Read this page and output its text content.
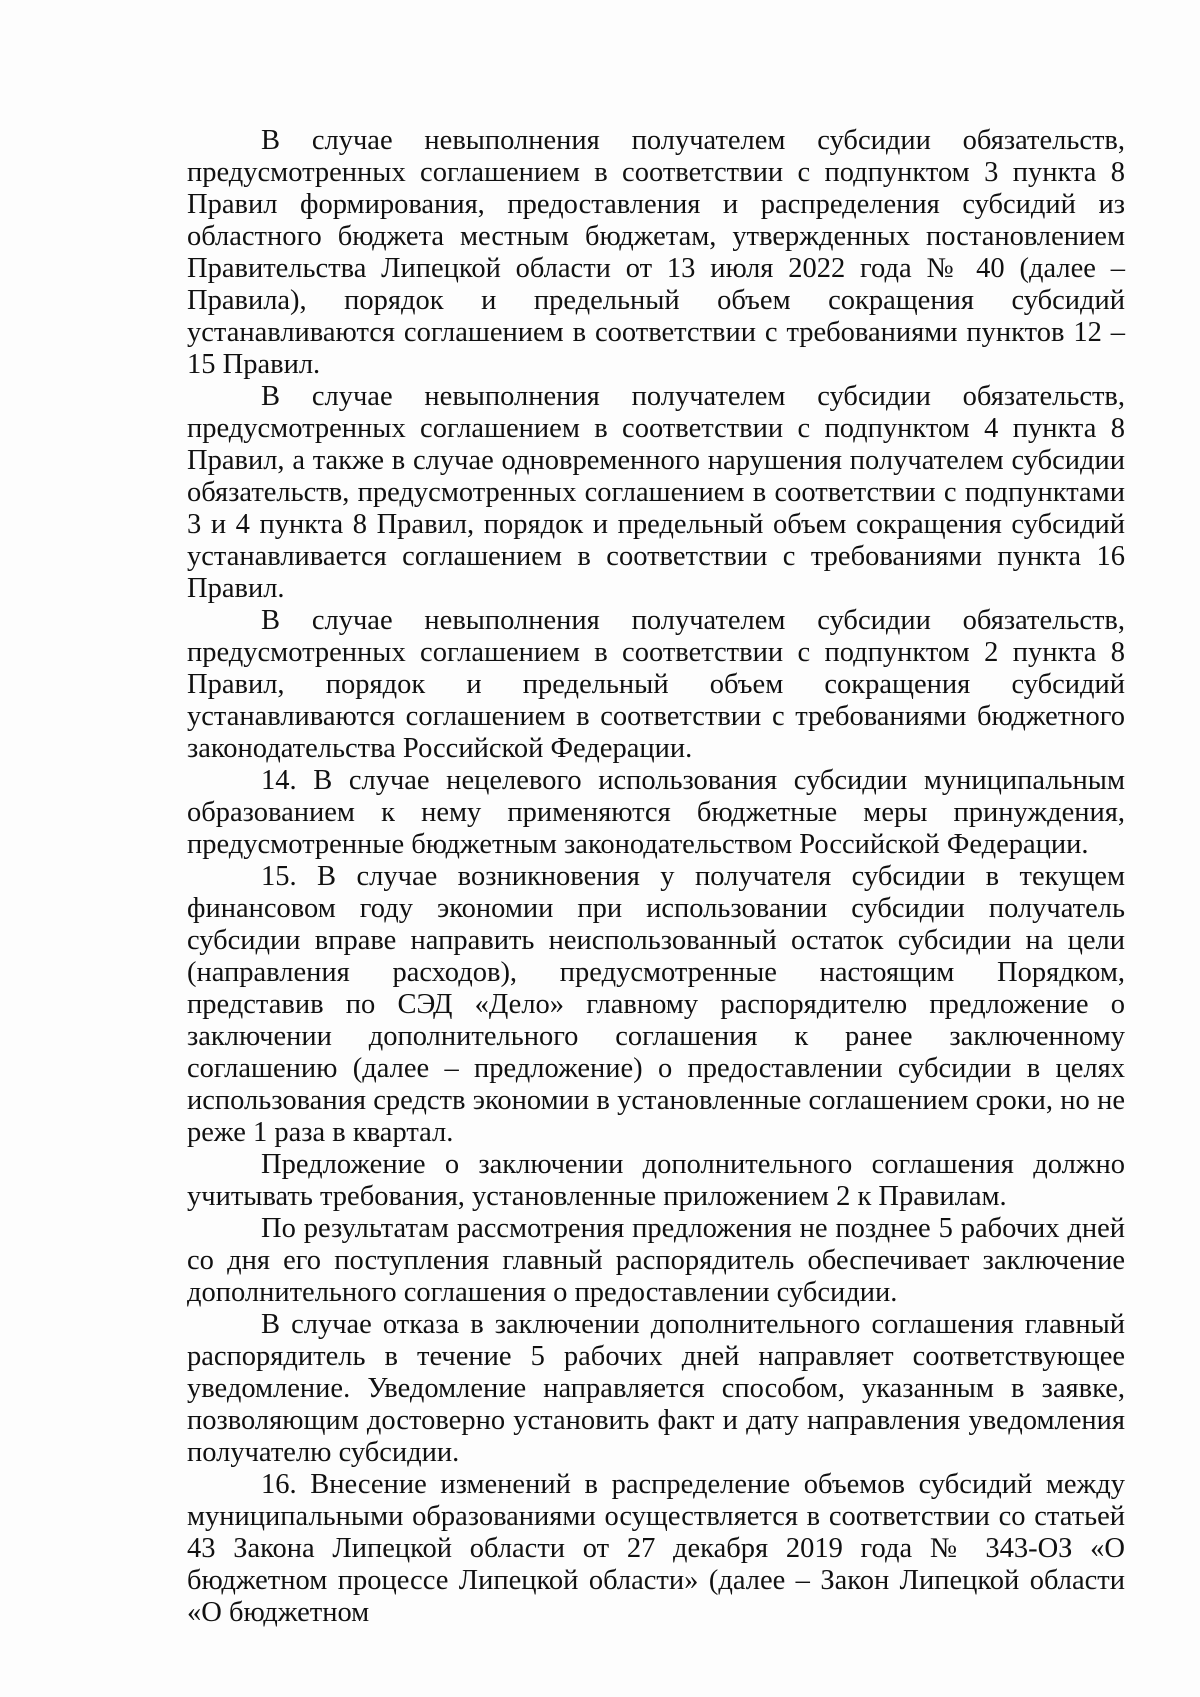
В случае невыполнения получателем субсидии обязательств, предусмотренных соглашением в соответствии с подпунктом 3 пункта 8 Правил формирования, предоставления и распределения субсидий из областного бюджета местным бюджетам, утвержденных постановлением Правительства Липецкой области от 13 июля 2022 года № 40 (далее – Правила), порядок и предельный объем сокращения субсидий устанавливаются соглашением в соответствии с требованиями пунктов 12 – 15 Правил.

В случае невыполнения получателем субсидии обязательств, предусмотренных соглашением в соответствии с подпунктом 4 пункта 8 Правил, а также в случае одновременного нарушения получателем субсидии обязательств, предусмотренных соглашением в соответствии с подпунктами 3 и 4 пункта 8 Правил, порядок и предельный объем сокращения субсидий устанавливается соглашением в соответствии с требованиями пункта 16 Правил.

В случае невыполнения получателем субсидии обязательств, предусмотренных соглашением в соответствии с подпунктом 2 пункта 8 Правил, порядок и предельный объем сокращения субсидий устанавливаются соглашением в соответствии с требованиями бюджетного законодательства Российской Федерации.

14. В случае нецелевого использования субсидии муниципальным образованием к нему применяются бюджетные меры принуждения, предусмотренные бюджетным законодательством Российской Федерации.

15. В случае возникновения у получателя субсидии в текущем финансовом году экономии при использовании субсидии получатель субсидии вправе направить неиспользованный остаток субсидии на цели (направления расходов), предусмотренные настоящим Порядком, представив по СЭД «Дело» главному распорядителю предложение о заключении дополнительного соглашения к ранее заключенному соглашению (далее – предложение) о предоставлении субсидии в целях использования средств экономии в установленные соглашением сроки, но не реже 1 раза в квартал.

Предложение о заключении дополнительного соглашения должно учитывать требования, установленные приложением 2 к Правилам.

По результатам рассмотрения предложения не позднее 5 рабочих дней со дня его поступления главный распорядитель обеспечивает заключение дополнительного соглашения о предоставлении субсидии.

В случае отказа в заключении дополнительного соглашения главный распорядитель в течение 5 рабочих дней направляет соответствующее уведомление. Уведомление направляется способом, указанным в заявке, позволяющим достоверно установить факт и дату направления уведомления получателю субсидии.

16. Внесение изменений в распределение объемов субсидий между муниципальными образованиями осуществляется в соответствии со статьей 43 Закона Липецкой области от 27 декабря 2019 года № 343-ОЗ «О бюджетном процессе Липецкой области» (далее – Закон Липецкой области «О бюджетном
